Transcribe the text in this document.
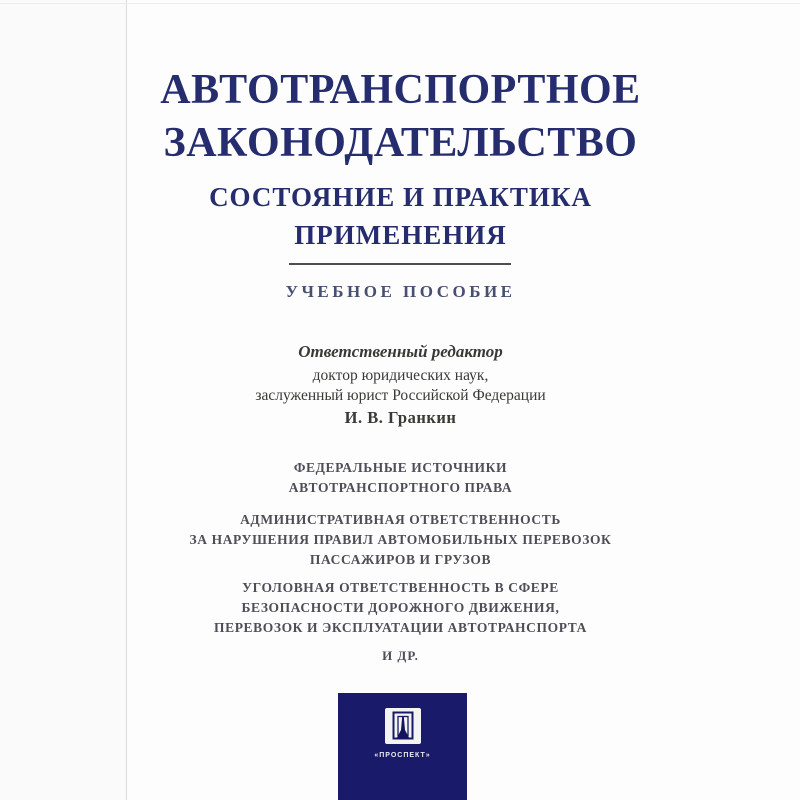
АВТОТРАНСПОРТНОЕ
ЗАКОНОДАТЕЛЬСТВО
СОСТОЯНИЕ И ПРАКТИКА
ПРИМЕНЕНИЯ
УЧЕБНОЕ ПОСОБИЕ
Ответственный редактор
доктор юридических наук,
заслуженный юрист Российской Федерации
И. В. Гранкин
ФЕДЕРАЛЬНЫЕ ИСТОЧНИКИ
АВТОТРАНСПОРТНОГО ПРАВА
АДМИНИСТРАТИВНАЯ ОТВЕТСТВЕННОСТЬ
ЗА НАРУШЕНИЯ ПРАВИЛ АВТОМОБИЛЬНЫХ ПЕРЕВОЗОК
ПАССАЖИРОВ И ГРУЗОВ
УГОЛОВНАЯ ОТВЕТСТВЕННОСТЬ В СФЕРЕ
БЕЗОПАСНОСТИ ДОРОЖНОГО ДВИЖЕНИЯ,
ПЕРЕВОЗОК И ЭКСПЛУАТАЦИИ АВТОТРАНСПОРТА
И ДР.
«ПРОСПЕКТ»
